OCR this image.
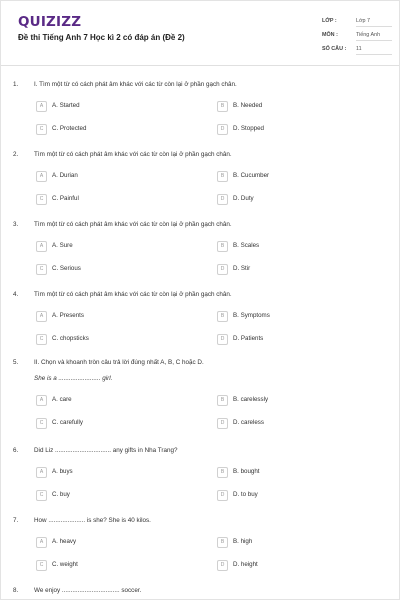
QUIZIZZ
Đề thi Tiếng Anh 7 Học kì 2 có đáp án (Đề 2)
LỚP :	Lớp 7
MÔN :	Tiếng Anh
SỐ CÂU : 11
1. I. Tìm một từ có cách phát âm khác với các từ còn lại ở phần gạch chân.
A	A. Started	B	B. Needed
C	C. Protected	D	D. Stopped
2. Tìm một từ có cách phát âm khác với các từ còn lại ở phần gạch chân.
A	A. Durian	B	B. Cucumber
C	C. Painful	D	D. Duty
3. Tìm một từ có cách phát âm khác với các từ còn lại ở phần gạch chân.
A	A. Sure	B	B. Scales
C	C. Serious	D	D. Stir
4. Tìm một từ có cách phát âm khác với các từ còn lại ở phần gạch chân.
A	A. Presents	B	B. Symptoms
C	C. chopsticks	D	D. Patients
5. II. Chọn và khoanh tròn câu trả lời đúng nhất A, B, C hoặc D.
She is a ........................ girl.
A	A. care	B	B. carelessly
C	C. carefully	D	D. careless
6. Did Liz ................................ any gifts in Nha Trang?
A	A. buys	B	B. bought
C	C. buy	D	D. to buy
7. How ..................... is she? She is 40 kilos.
A	A. heavy	B	B. high
C	C. weight	D	D. height
8. We enjoy ................................. soccer.
